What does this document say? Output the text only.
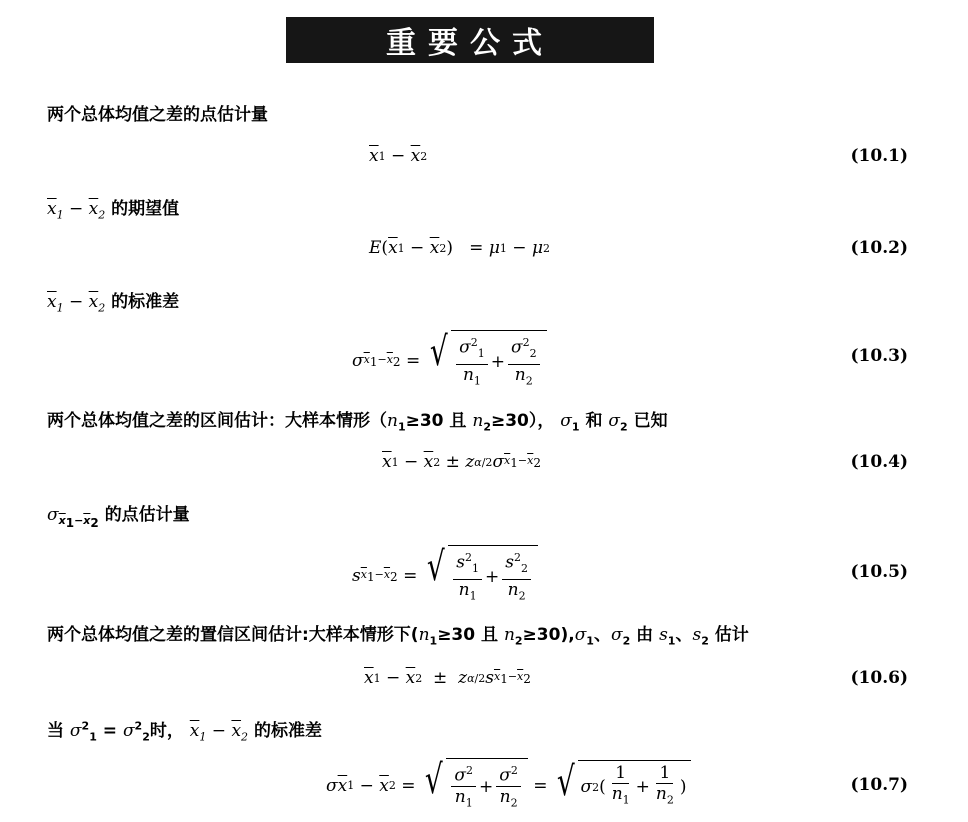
重要公式
两个总体均值之差的点估计量
$\overline{x}$ $1 - \overline{x}$ 2	(10.1)
$\overline{x}_1 - \overline{x}_2$ 的期望值
E ( $\overline{x}$ $1 - \overline{x}$ 2 )   = μ 1 − μ 2	(10.2)
$\overline{x}_1 - \overline{x}_2$ 的标准差
σ $\overline{x}_1-\overline{x}_2$ = √ $\frac{\sigma^2_1}{n_1} + \frac{\sigma^2_2}{n_2}$	(10.3)
两个总体均值之差的区间估计：大样本情形（$n_1\ge 30$ 且 $n_2\ge 30$）， $\sigma_1$ 和 $\sigma_2$ 已知
$\overline{x}$ $1 - \overline{x}$ 2 ± z α/2 σ $\overline{x}_1-\overline{x}_2$	(10.4)
$\sigma_{\overline{x}_1-\overline{x}_2}$ 的点估计量
s $\overline{x}_1-\overline{x}_2$ = √ $\frac{s^2_1}{n_1} + \frac{s^2_2}{n_2}$	(10.5)
两个总体均值之差的置信区间估计:大样本情形下($n_1\ge 30$ 且 $n_2\ge 30),\sigma_1$、$\sigma_2$ 由 $s_1$、$s_2$ 估计
$\overline{x}$ $1 - \overline{x}$ 2 ± z α/2 s $\overline{x}_1-\overline{x}_2$	(10.6)
当 $\sigma^2_1 = \sigma^2_2$时， $\overline{x}_1 - \overline{x}_2$ 的标准差
σ $\overline{x}$ $1 - \overline{x}$ 2 = √ $\frac{\sigma^2}{n_1} + \frac{\sigma^2}{n_2}$ = √ σ 2 ( $\frac{1}{n_1} + \frac{1}{n_2}$ )	(10.7)
